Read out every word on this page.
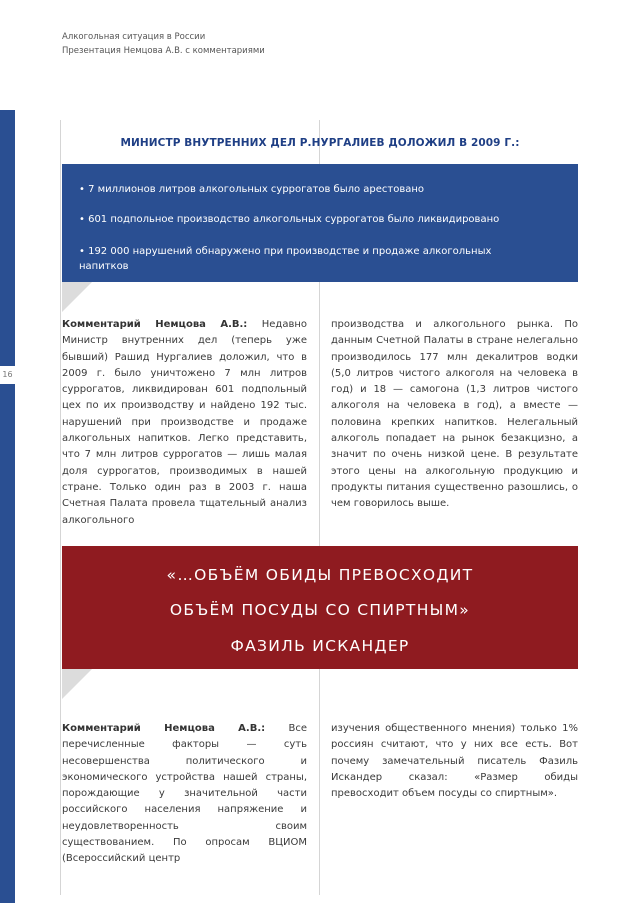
Алкогольная ситуация в России
Презентация Немцова А.В. с комментариями
16
МИНИСТР ВНУТРЕННИХ ДЕЛ Р.НУРГАЛИЕВ ДОЛОЖИЛ В 2009 Г.:
• 7 миллионов литров алкогольных суррогатов было арестовано
• 601 подпольное производство алкогольных суррогатов было ликвидировано
• 192 000 нарушений обнаружено при производстве и продаже алкогольных
напитков
Комментарий Немцова А.В.: Недавно Министр внутренних дел (теперь уже бывший) Рашид Нургалиев доложил, что в 2009 г. было уничтожено 7 млн литров суррогатов, ликвидирован 601 подпольный цех по их производству и найдено 192 тыс. нарушений при производстве и продаже алкогольных напитков. Легко представить, что 7 млн литров суррогатов — лишь малая доля суррогатов, производимых в нашей стране. Только один раз в 2003 г. наша Счетная Палата провела тщательный анализ алкогольного
производства и алкогольного рынка. По данным Счетной Палаты в стране нелегально производилось 177 млн декалитров водки (5,0 литров чистого алкоголя на человека в год) и 18 — самогона (1,3 литров чистого алкоголя на человека в год), а вместе — половина крепких напитков. Нелегальный алкоголь попадает на рынок безакцизно, а значит по очень низкой цене. В результате этого цены на алкогольную продукцию и продукты питания существенно разошлись, о чем говорилось выше.
«…ОБЪЁМ ОБИДЫ ПРЕВОСХОДИТ
ОБЪЁМ ПОСУДЫ СО СПИРТНЫМ»
ФАЗИЛЬ ИСКАНДЕР
Комментарий Немцова А.В.: Все перечисленные факторы — суть несовершенства политического и экономического устройства нашей страны, порождающие у значительной части российского населения напряжение и неудовлетворенность своим существованием. По опросам ВЦИОМ (Всероссийский центр
изучения общественного мнения) только 1% россиян считают, что у них все есть. Вот почему замечательный писатель Фазиль Искандер сказал: «Размер обиды превосходит объем посуды со спиртным».
